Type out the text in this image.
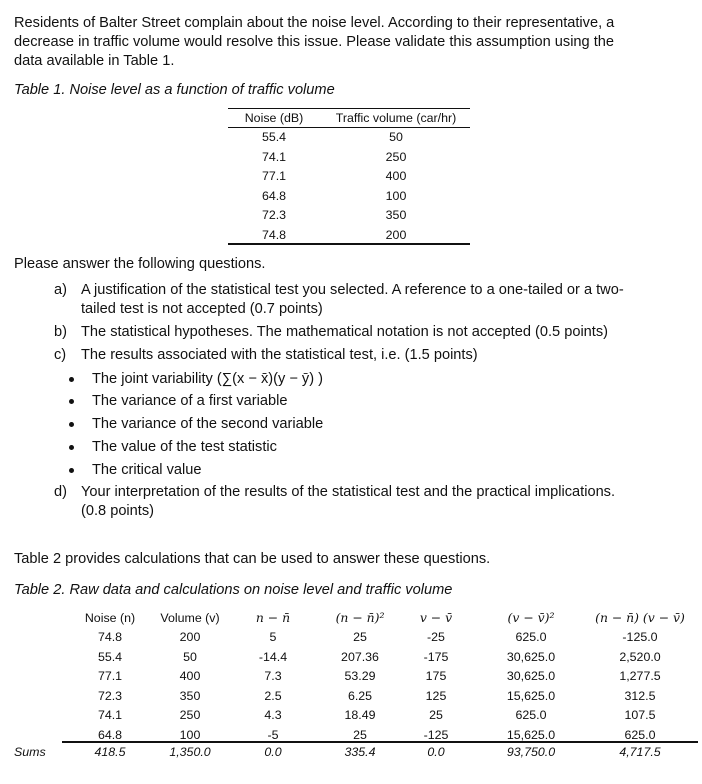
Residents of Balter Street complain about the noise level. According to their representative, a
decrease in traffic volume would resolve this issue. Please validate this assumption using the
data available in Table 1.
Table 1. Noise level as a function of traffic volume
Noise (dB)	Traffic volume (car/hr)
55.4	50
74.1	250
77.1	400
64.8	100
72.3	350
74.8	200
Please answer the following questions.
a) A justification of the statistical test you selected. A reference to a one-tailed or a two-
tailed test is not accepted (0.7 points)
b) The statistical hypotheses. The mathematical notation is not accepted (0.5 points)
c) The results associated with the statistical test, i.e. (1.5 points)
The joint variability (∑(x − x̄)(y − ȳ) )
The variance of a first variable
The variance of the second variable
The value of the test statistic
The critical value
d) Your interpretation of the results of the statistical test and the practical implications.
(0.8 points)
Table 2 provides calculations that can be used to answer these questions.
Table 2. Raw data and calculations on noise level and traffic volume
Noise (n)	Volume (v)	n − n̄	(n − n̄)²	v − v̄	(v − v̄)²	(n − n̄) (v − v̄)
74.8	200	5	25	-25	625.0	-125.0
55.4	50	-14.4	207.36	-175	30,625.0	2,520.0
77.1	400	7.3	53.29	175	30,625.0	1,277.5
72.3	350	2.5	6.25	125	15,625.0	312.5
74.1	250	4.3	18.49	25	625.0	107.5
64.8	100	-5	25	-125	15,625.0	625.0
Sums	418.5	1,350.0	0.0	335.4	0.0	93,750.0	4,717.5
